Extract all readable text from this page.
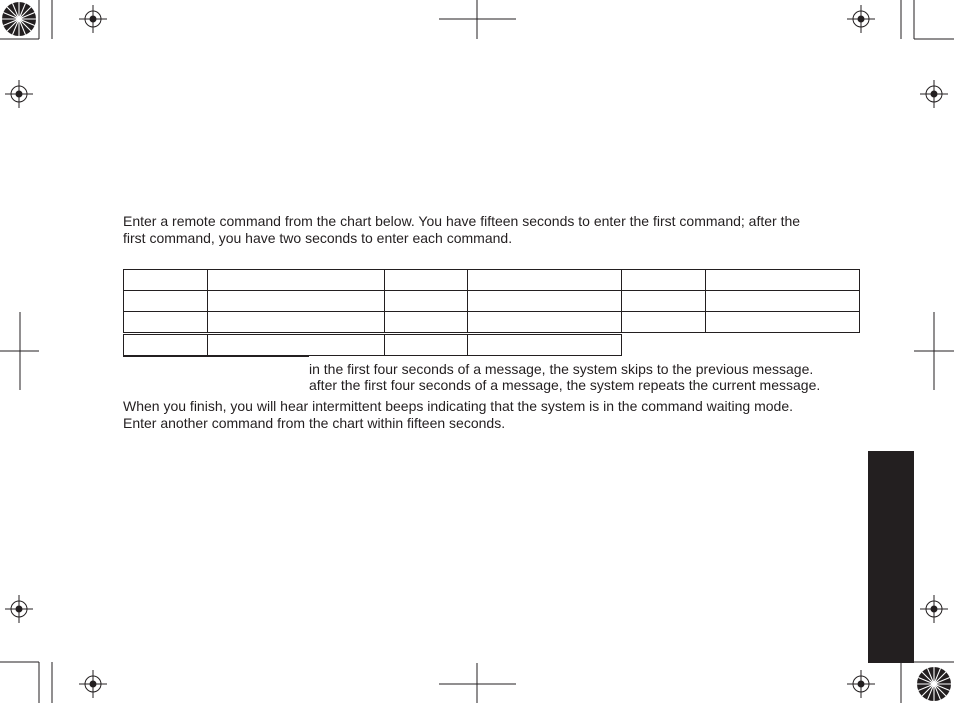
Enter a remote command from the chart below. You have fifteen seconds to enter the first command; after the
first command, you have two seconds to enter each command.

in the first four seconds of a message, the system skips to the previous message.

after the first four seconds of a message, the system repeats the current message.

When you finish, you will hear intermittent beeps indicating that the system is in the command waiting mode.
Enter another command from the chart within fifteen seconds.
